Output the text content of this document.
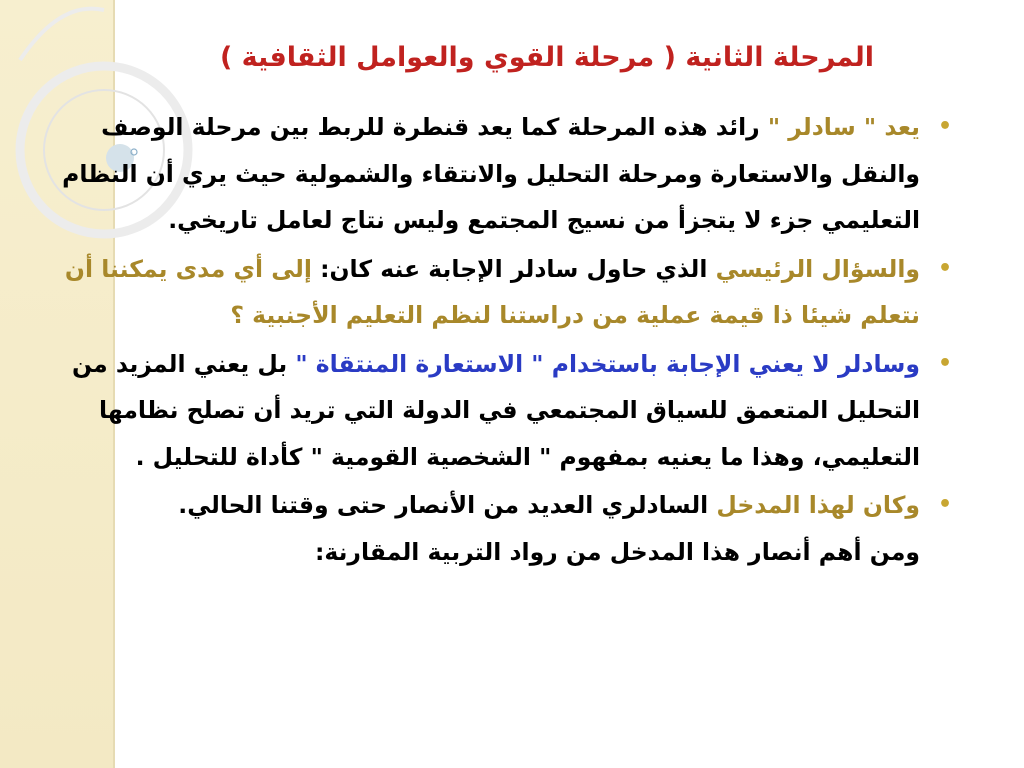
المرحلة الثانية ( مرحلة القوي والعوامل الثقافية )
•
يعد " سادلر " رائد هذه المرحلة كما يعد قنطرة للربط بين مرحلة الوصف والنقل والاستعارة ومرحلة التحليل والانتقاء والشمولية حيث يري أن النظام التعليمي جزء لا يتجزأ من نسيج المجتمع وليس نتاج لعامل تاريخي.
•
والسؤال الرئيسي الذي حاول سادلر الإجابة عنه كان: إلى أي مدى يمكننا أن نتعلم شيئا ذا قيمة عملية من دراستنا لنظم التعليم الأجنبية ؟
•
وسادلر لا يعني الإجابة باستخدام " الاستعارة المنتقاة " بل يعني المزيد من التحليل المتعمق للسياق المجتمعي في الدولة التي تريد أن تصلح نظامها التعليمي، وهذا ما يعنيه بمفهوم " الشخصية القومية " كأداة للتحليل .
•
وكان لهذا المدخل السادلري العديد من الأنصار حتى وقتنا الحالي.
ومن أهم أنصار هذا المدخل من رواد التربية المقارنة:
